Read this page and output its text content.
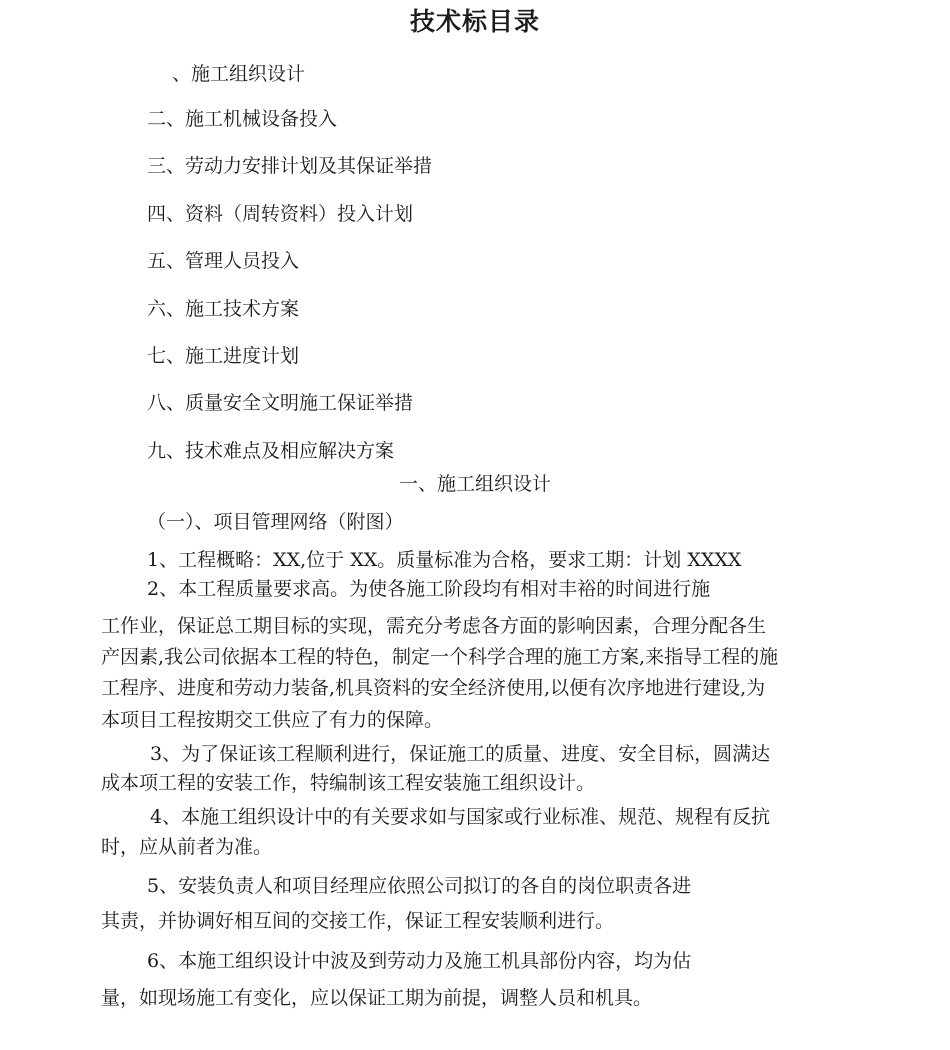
技术标目录

、施工组织设计

二、施工机械设备投入

三、劳动力安排计划及其保证举措

四、资料（周转资料）投入计划

五、管理人员投入

六、施工技术方案

七、施工进度计划

八、质量安全文明施工保证举措

九、技术难点及相应解决方案

一、施工组织设计
（一）、项目管理网络（附图）

1、工程概略：XX,位于 XX。质量标准为合格，要求工期：计划 XXXX

2、本工程质量要求高。为使各施工阶段均有相对丰裕的时间进行施

工作业，保证总工期目标的实现，需充分考虑各方面的影响因素，合理分配各生

产因素,我公司依据本工程的特色，制定一个科学合理的施工方案,来指导工程的施

工程序、进度和劳动力装备,机具资料的安全经济使用,以便有次序地进行建设,为

本项目工程按期交工供应了有力的保障。

3、为了保证该工程顺利进行，保证施工的质量、进度、安全目标，圆满达

成本项工程的安装工作，特编制该工程安装施工组织设计。

4、本施工组织设计中的有关要求如与国家或行业标准、规范、规程有反抗

时，应从前者为准。

5、安装负责人和项目经理应依照公司拟订的各自的岗位职责各进

其责，并协调好相互间的交接工作，保证工程安装顺利进行。

6、本施工组织设计中波及到劳动力及施工机具部份内容，均为估

量，如现场施工有变化，应以保证工期为前提，调整人员和机具。
